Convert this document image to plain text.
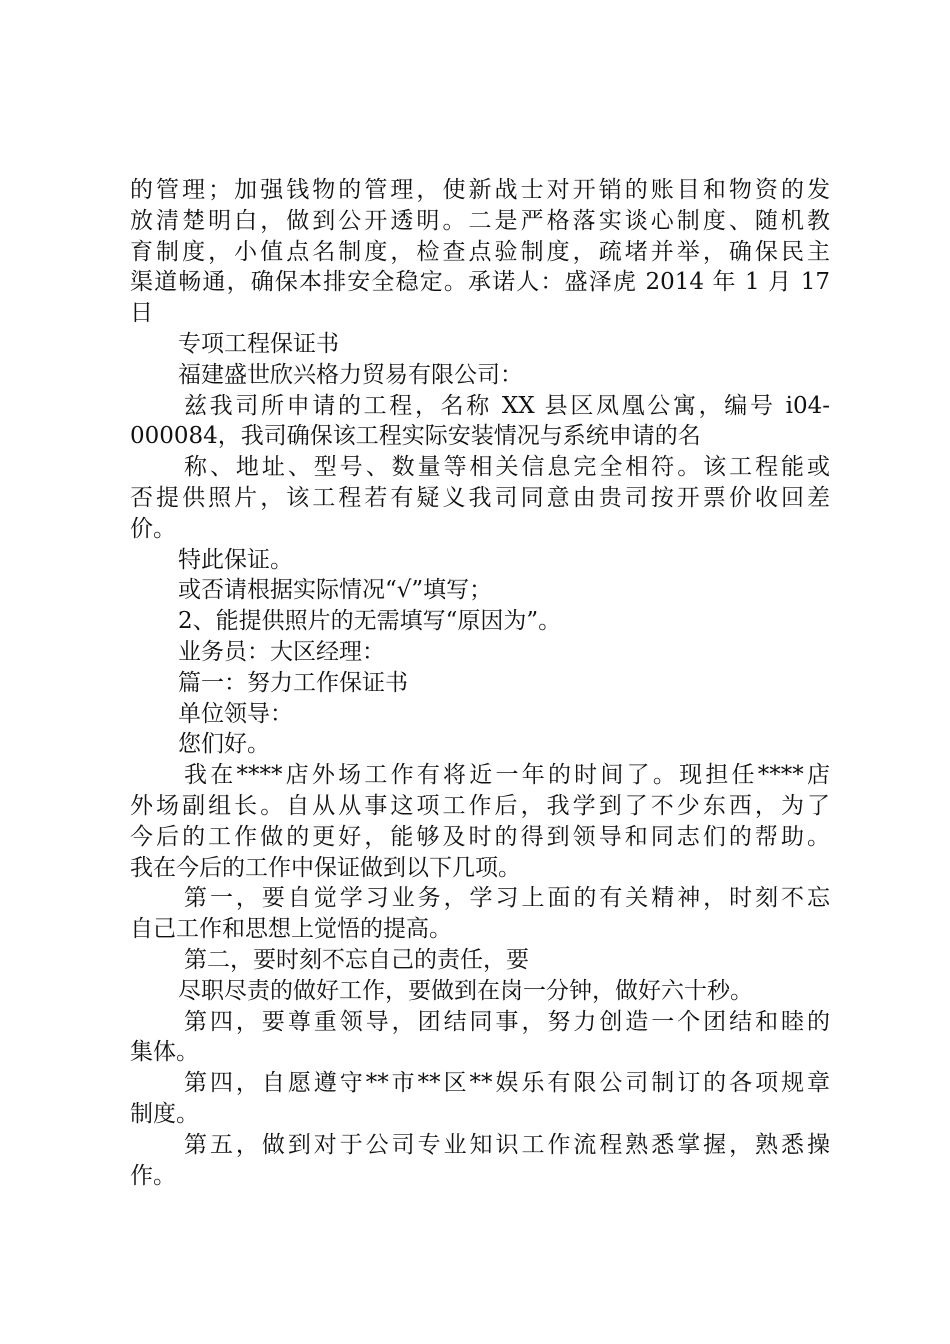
的管理；加强钱物的管理，使新战士对开销的账目和物资的发
放清楚明白，做到公开透明。二是严格落实谈心制度、随机教
育制度，小值点名制度，检查点验制度，疏堵并举，确保民主
渠道畅通，确保本排安全稳定。承诺人：盛泽虎 2014 年 1 月 17
日
专项工程保证书
福建盛世欣兴格力贸易有限公司：
兹我司所申请的工程，名称 XX 县区凤凰公寓，编号 i04-
000084，我司确保该工程实际安装情况与系统申请的名
称、地址、型号、数量等相关信息完全相符。该工程能或
否提供照片，该工程若有疑义我司同意由贵司按开票价收回差
价。
特此保证。
或否请根据实际情况“√”填写；
2、能提供照片的无需填写“原因为”。
业务员：大区经理：
篇一：努力工作保证书
单位领导：
您们好。
我在****店外场工作有将近一年的时间了。现担任****店
外场副组长。自从从事这项工作后，我学到了不少东西，为了
今后的工作做的更好，能够及时的得到领导和同志们的帮助。
我在今后的工作中保证做到以下几项。
第一，要自觉学习业务，学习上面的有关精神，时刻不忘
自己工作和思想上觉悟的提高。
第二，要时刻不忘自己的责任，要
尽职尽责的做好工作，要做到在岗一分钟，做好六十秒。
第四，要尊重领导，团结同事，努力创造一个团结和睦的
集体。
第四，自愿遵守**市**区**娱乐有限公司制订的各项规章
制度。
第五，做到对于公司专业知识工作流程熟悉掌握，熟悉操
作。
